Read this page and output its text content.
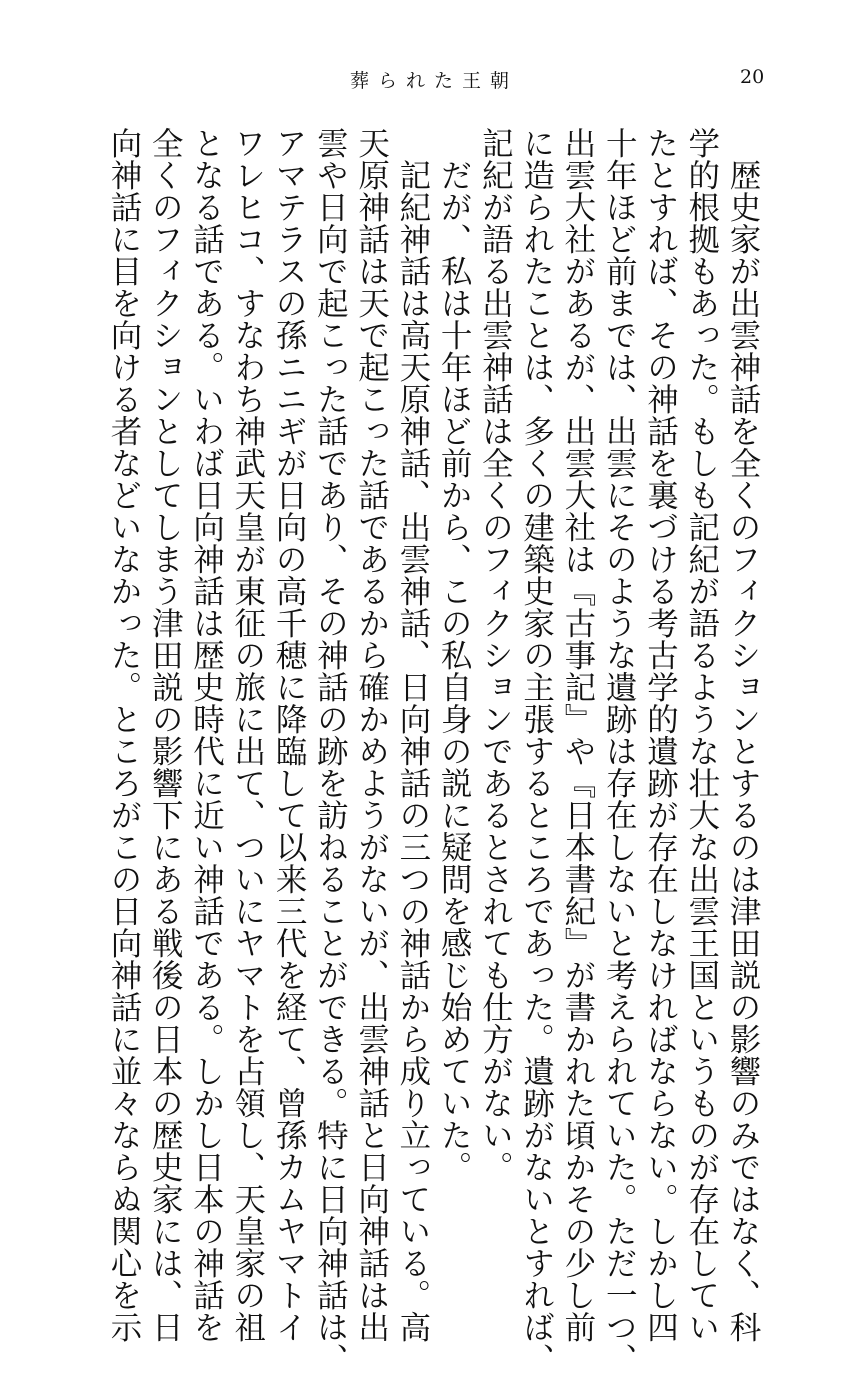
葬られた王朝	20
　歴史家が出雲神話を全くのフィクションとするのは津田説の影響のみではなく、科
学的根拠もあった。もしも記紀が語るような壮大な出雲王国というものが存在してい
たとすれば、その神話を裏づける考古学的遺跡が存在しなければならない。しかし四
十年ほど前までは、出雲にそのような遺跡は存在しないと考えられていた。ただ一つ、
出雲大社があるが、出雲大社は『古事記』や『日本書紀』が書かれた頃かその少し前
に造られたことは、多くの建築史家の主張するところであった。遺跡がないとすれば、
記紀が語る出雲神話は全くのフィクションであるとされても仕方がない。
　だが、私は十年ほど前から、この私自身の説に疑問を感じ始めていた。
　記紀神話は高天原神話、出雲神話、日向神話の三つの神話から成り立っている。高
天原神話は天で起こった話であるから確かめようがないが、出雲神話と日向神話は出
雲や日向で起こった話であり、その神話の跡を訪ねることができる。特に日向神話は、
アマテラスの孫ニニギが日向の高千穂に降臨して以来三代を経て、曾孫カムヤマトイ
ワレヒコ、すなわち神武天皇が東征の旅に出て、ついにヤマトを占領し、天皇家の祖
となる話である。いわば日向神話は歴史時代に近い神話である。しかし日本の神話を
全くのフィクションとしてしまう津田説の影響下にある戦後の日本の歴史家には、日
向神話に目を向ける者などいなかった。ところがこの日向神話に並々ならぬ関心を示
